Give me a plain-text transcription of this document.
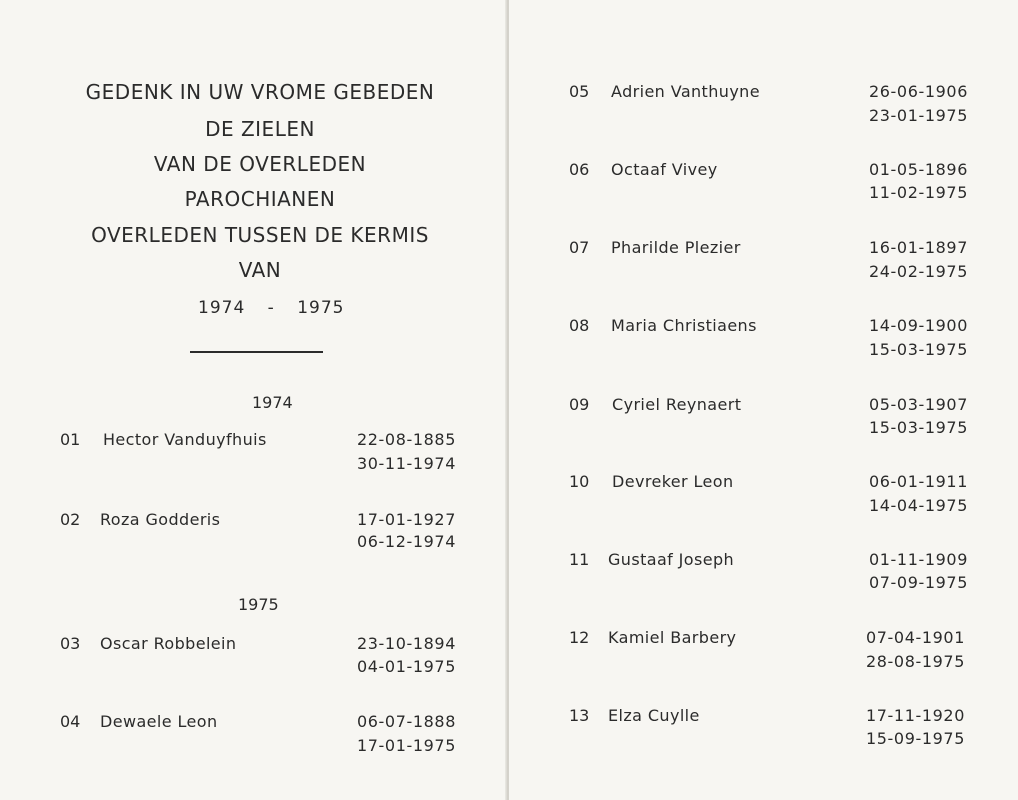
GEDENK IN UW VROME GEBEDEN
DE ZIELEN
VAN DE OVERLEDEN
PAROCHIANEN
OVERLEDEN TUSSEN DE KERMIS
VAN
1974 - 1975
1974
1975
01 Hector Vanduyfhuis	22-08-1885
30-11-1974
02 Roza Godderis	17-01-1927
06-12-1974
03 Oscar Robbelein	23-10-1894
04-01-1975
04 Dewaele Leon	06-07-1888
17-01-1975
05 Adrien Vanthuyne	26-06-1906
23-01-1975
06 Octaaf Vivey	01-05-1896
11-02-1975
07 Pharilde Plezier	16-01-1897
24-02-1975
08 Maria Christiaens	14-09-1900
15-03-1975
09 Cyriel Reynaert	05-03-1907
15-03-1975
10 Devreker Leon	06-01-1911
14-04-1975
11 Gustaaf Joseph	01-11-1909
07-09-1975
12 Kamiel Barbery	07-04-1901
28-08-1975
13 Elza Cuylle	17-11-1920
15-09-1975
